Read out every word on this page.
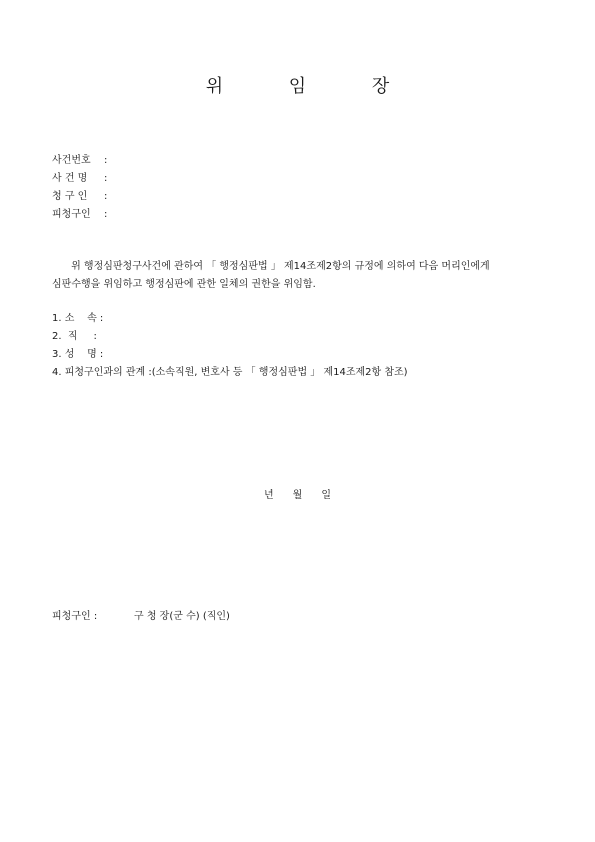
위 임 장
사건번호 :
사 건 명 :
청 구 인 :
피청구인 :

위 행정심판청구사건에 관하여 「 행정심판법 」 제14조제2항의 규정에 의하여 다음 머리인에게
심판수행을 위임하고 행정심판에 관한 일체의 권한을 위임함.

1. 소    속 :
2.  직     :
3. 성    명 :
4. 피청구인과의 관계 :(소속직원, 변호사 등 「 행정심판법 」 제14조제2항 참조)
년      월      일
피청구인 :	구 청 장(군 수) (직인)
